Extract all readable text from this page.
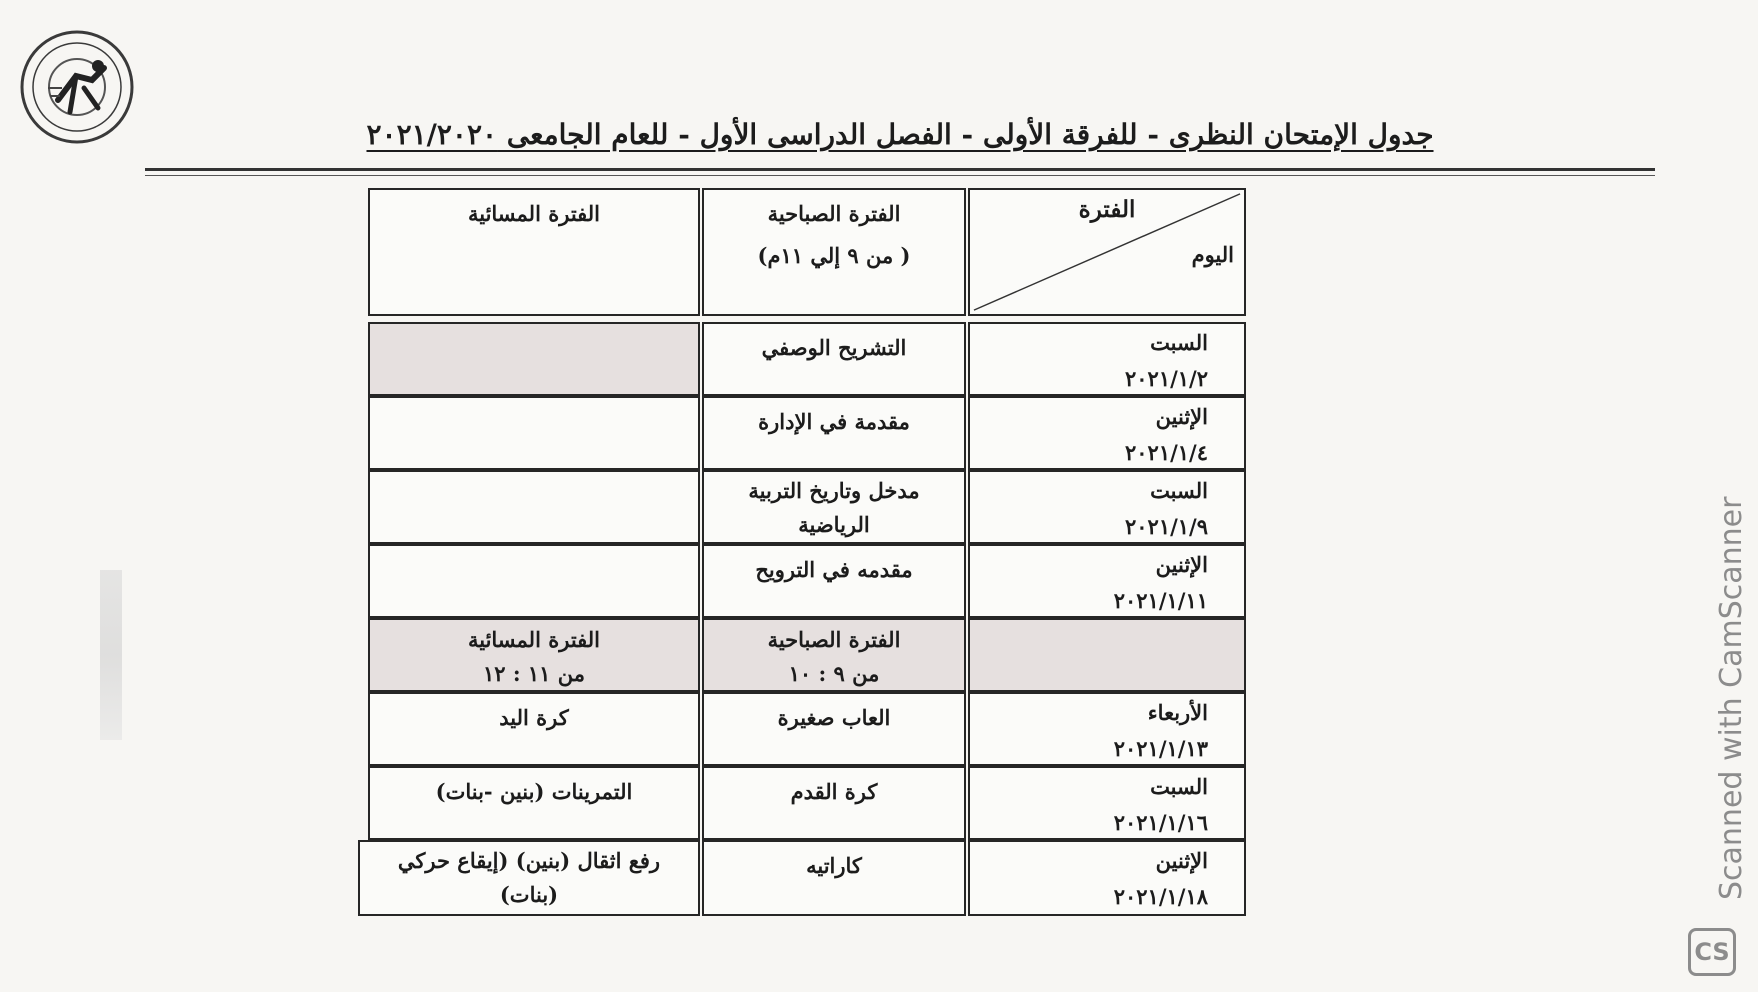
جدول الإمتحان النظرى - للفرقة الأولى - الفصل الدراسى الأول - للعام الجامعى ٢٠٢١/٢٠٢٠
الفترة
اليوم
الفترة الصباحية
( من ٩ إلي ١١م)
الفترة المسائية
السبت
٢٠٢١/١/٢
التشريح الوصفي
الإثنين
٢٠٢١/١/٤
مقدمة في الإدارة
السبت
٢٠٢١/١/٩
مدخل وتاريخ التربية الرياضية
الإثنين
٢٠٢١/١/١١
مقدمه في الترويح
الفترة الصباحية
من ٩ : ١٠
الفترة المسائية
من ١١ : ١٢
الأربعاء
٢٠٢١/١/١٣
العاب صغيرة
كرة اليد
السبت
٢٠٢١/١/١٦
كرة القدم
التمرينات (بنين -بنات)
الإثنين
٢٠٢١/١/١٨
كاراتيه
رفع اثقال (بنين) (إيقاع حركي (بنات)	Scanned with CamScanner
CS
